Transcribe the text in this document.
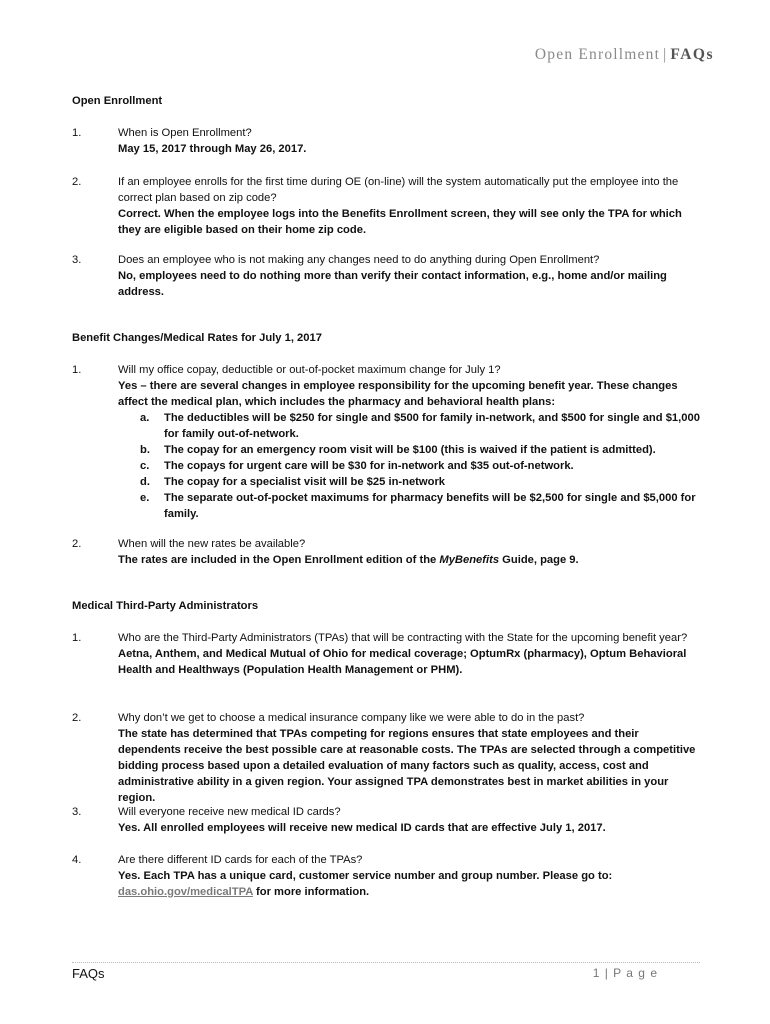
Open Enrollment | FAQs
Open Enrollment
1.	When is Open Enrollment?
May 15, 2017 through May 26, 2017.
2.	If an employee enrolls for the first time during OE (on-line) will the system automatically put the employee into the correct plan based on zip code?
Correct. When the employee logs into the Benefits Enrollment screen, they will see only the TPA for which they are eligible based on their home zip code.
3.	Does an employee who is not making any changes need to do anything during Open Enrollment?
No, employees need to do nothing more than verify their contact information, e.g., home and/or mailing address.
Benefit Changes/Medical Rates for July 1, 2017
1.	Will my office copay, deductible or out-of-pocket maximum change for July 1?
Yes – there are several changes in employee responsibility for the upcoming benefit year. These changes affect the medical plan, which includes the pharmacy and behavioral health plans:
a.	The deductibles will be $250 for single and $500 for family in-network, and $500 for single and $1,000 for family out-of-network.
b.	The copay for an emergency room visit will be $100 (this is waived if the patient is admitted).
c.	The copays for urgent care will be $30 for in-network and $35 out-of-network.
d.	The copay for a specialist visit will be $25 in-network
e.	The separate out-of-pocket maximums for pharmacy benefits will be $2,500 for single and $5,000 for family.
2.	When will the new rates be available?
The rates are included in the Open Enrollment edition of the MyBenefits Guide, page 9.
Medical Third-Party Administrators
1.	Who are the Third-Party Administrators (TPAs) that will be contracting with the State for the upcoming benefit year?
Aetna, Anthem, and Medical Mutual of Ohio for medical coverage; OptumRx (pharmacy), Optum Behavioral Health and Healthways (Population Health Management or PHM).
2.	Why don’t we get to choose a medical insurance company like we were able to do in the past?
The state has determined that TPAs competing for regions ensures that state employees and their dependents receive the best possible care at reasonable costs. The TPAs are selected through a competitive bidding process based upon a detailed evaluation of many factors such as quality, access, cost and administrative ability in a given region. Your assigned TPA demonstrates best in market abilities in your region.
3.	Will everyone receive new medical ID cards?
Yes. All enrolled employees will receive new medical ID cards that are effective July 1, 2017.
4.	Are there different ID cards for each of the TPAs?
Yes. Each TPA has a unique card, customer service number and group number. Please go to: das.ohio.gov/medicalTPA for more information.
FAQs	1 | P a g e
